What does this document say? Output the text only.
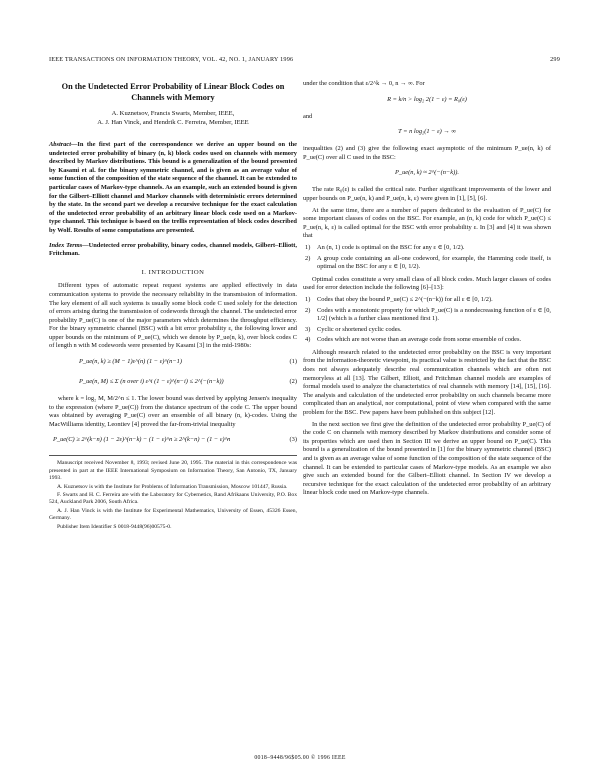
IEEE TRANSACTIONS ON INFORMATION THEORY, VOL. 42, NO. 1, JANUARY 1996	299
On the Undetected Error Probability of Linear Block Codes on Channels with Memory
A. Kuznetsov, Francis Swarts, Member, IEEE,
A. J. Han Vinck, and Hendrik C. Ferreira, Member, IEEE
Abstract—In the first part of the correspondence we derive an upper bound on the undetected error probability of binary (n, k) block codes used on channels with memory described by Markov distributions. This bound is a generalization of the bound presented by Kasami et al. for the binary symmetric channel, and is given as an average value of some function of the composition of the state sequence of the channel. It can be extended to particular cases of Markov-type channels. As an example, such an extended bound is given for the Gilbert–Elliott channel and Markov channels with deterministic errors determined by the state. In the second part we develop a recursive technique for the exact calculation of the undetected error probability of an arbitrary linear block code used on a Markov-type channel. This technique is based on the trellis representation of block codes described by Wolf. Results of some computations are presented.
Index Terms—Undetected error probability, binary codes, channel models, Gilbert–Elliott, Fritchman.
I. INTRODUCTION

Different types of automatic repeat request systems are applied effectively in data communication systems to provide the necessary reliability in the transmission of information. The key element of all such systems is usually some block code C used solely for the detection of errors arising during the transmission of codewords through the channel. The undetected error probability P_ue(C) is one of the major parameters which determines the throughput efficiency. For the binary symmetric channel (BSC) with a bit error probability ε, the following lower and upper bounds on the minimum of P_ue(C), which we denote by P_ue(n, k), over block codes C of length n with M codewords were presented by Kasami [3] in the mid-1980s:

P_ue(n, k) ≥ (M − 1)ε^(n) (1 − ε)^(n−1)	(1)
P_ue(n, M) ≤ Σ (n over i) ε^i (1 − ε)^(n−i) ≤ 2^(−(n−k))	(2)

where k = log₂ M, M/2^n ≤ 1. The lower bound was derived by applying Jensen's inequality to the expression (where P_ue(C)) from the distance spectrum of the code C. The upper bound was obtained by averaging P_ue(C) over an ensemble of all binary (n, k)-codes. Using the MacWilliams identity, Leontiev [4] proved the far-from-trivial inequality

P_ue(C) ≥ 2^(k−n) (1 − 2ε)^(n−k) − (1 − ε)^n ≥ 2^(k−n) − (1 − ε)^n	(3)
Manuscript received November 8, 1993; revised June 20, 1995. The material in this correspondence was presented in part at the IEEE International Symposium on Information Theory, San Antonio, TX, January 1993.
A. Kuznetsov is with the Institute for Problems of Information Transmission, Moscow 101447, Russia.
F. Swarts and H. C. Ferreira are with the Laboratory for Cybernetics, Rand Afrikaans University, P.O. Box 524, Auckland Park 2006, South Africa.
A. J. Han Vinck is with the Institute for Experimental Mathematics, University of Essen, 45326 Essen, Germany.
Publisher Item Identifier S 0018-9448(96)00575-0.

under the condition that ε/2^k → 0, n → ∞. For

R = k/n > log₂ 2(1 − ε) = R₀(ε)

and

T = n log₂(1 − ε) → ∞

inequalities (2) and (3) give the following exact asymptotic of the minimum P_ue(n, k) of P_ue(C) over all C used in the BSC:

P_ue(n, k) ≈ 2^(−(n−k)).

The rate R₀(ε) is called the critical rate. Further significant improvements of the lower and upper bounds on P_ue(n, k) and P_ue(n, k, ε) were given in [1], [5], [6].

At the same time, there are a number of papers dedicated to the evaluation of P_ue(C) for some important classes of codes on the BSC. For example, an (n, k) code for which P_ue(C) ≤ P_ue(n, k, ε) is called optimal for the BSC with error probability ε. In [3] and [4] it was shown that

1) An (n, 1) code is optimal on the BSC for any ε ∈ [0, 1/2).
2) A group code containing an all-one codeword, for example, the Hamming code itself, is optimal on the BSC for any ε ∈ [0, 1/2).

Optimal codes constitute a very small class of all block codes. Much larger classes of codes used for error detection include the following [6]–[13]:

1) Codes that obey the bound P_ue(C) ≤ 2^(−(n−k)) for all ε ∈ [0, 1/2).
2) Codes with a monotonic property for which P_ue(C) is a nondecreasing function of ε ∈ [0, 1/2] (which is a further class mentioned first 1).
3) Cyclic or shortened cyclic codes.
4) Codes which are not worse than an average code from some ensemble of codes.

Although research related to the undetected error probability on the BSC is very important from the information-theoretic viewpoint, its practical value is restricted by the fact that the BSC does not always adequately describe real communication channels which are often not memoryless at all [13]. The Gilbert, Elliott, and Fritchman channel models are examples of formal models used to analyze the characteristics of real channels with memory [14], [15], [16]. The analysis and calculation of the undetected error probability on such channels became more complicated than an analytical, nor computational, point of view when compared with the same problem for the BSC. Few papers have been published on this subject [12].

In the next section we first give the definition of the undetected error probability P_ue(C) of the code C on channels with memory described by Markov distributions and consider some of its properties which are used then in Section III we derive an upper bound on P_ue(C). This bound is a generalization of the bound presented in [1] for the binary symmetric channel (BSC) and is given as an average value of some function of the composition of the state sequence of the channel. It can be extended to particular cases of Markov-type models. As an example we also give such an extended bound for the Gilbert–Elliott channel. In Section IV we develop a recursive technique for the exact calculation of the undetected error probability of an arbitrary linear block code used on Markov-type channels.

0018–9448/96$05.00 © 1996 IEEE
